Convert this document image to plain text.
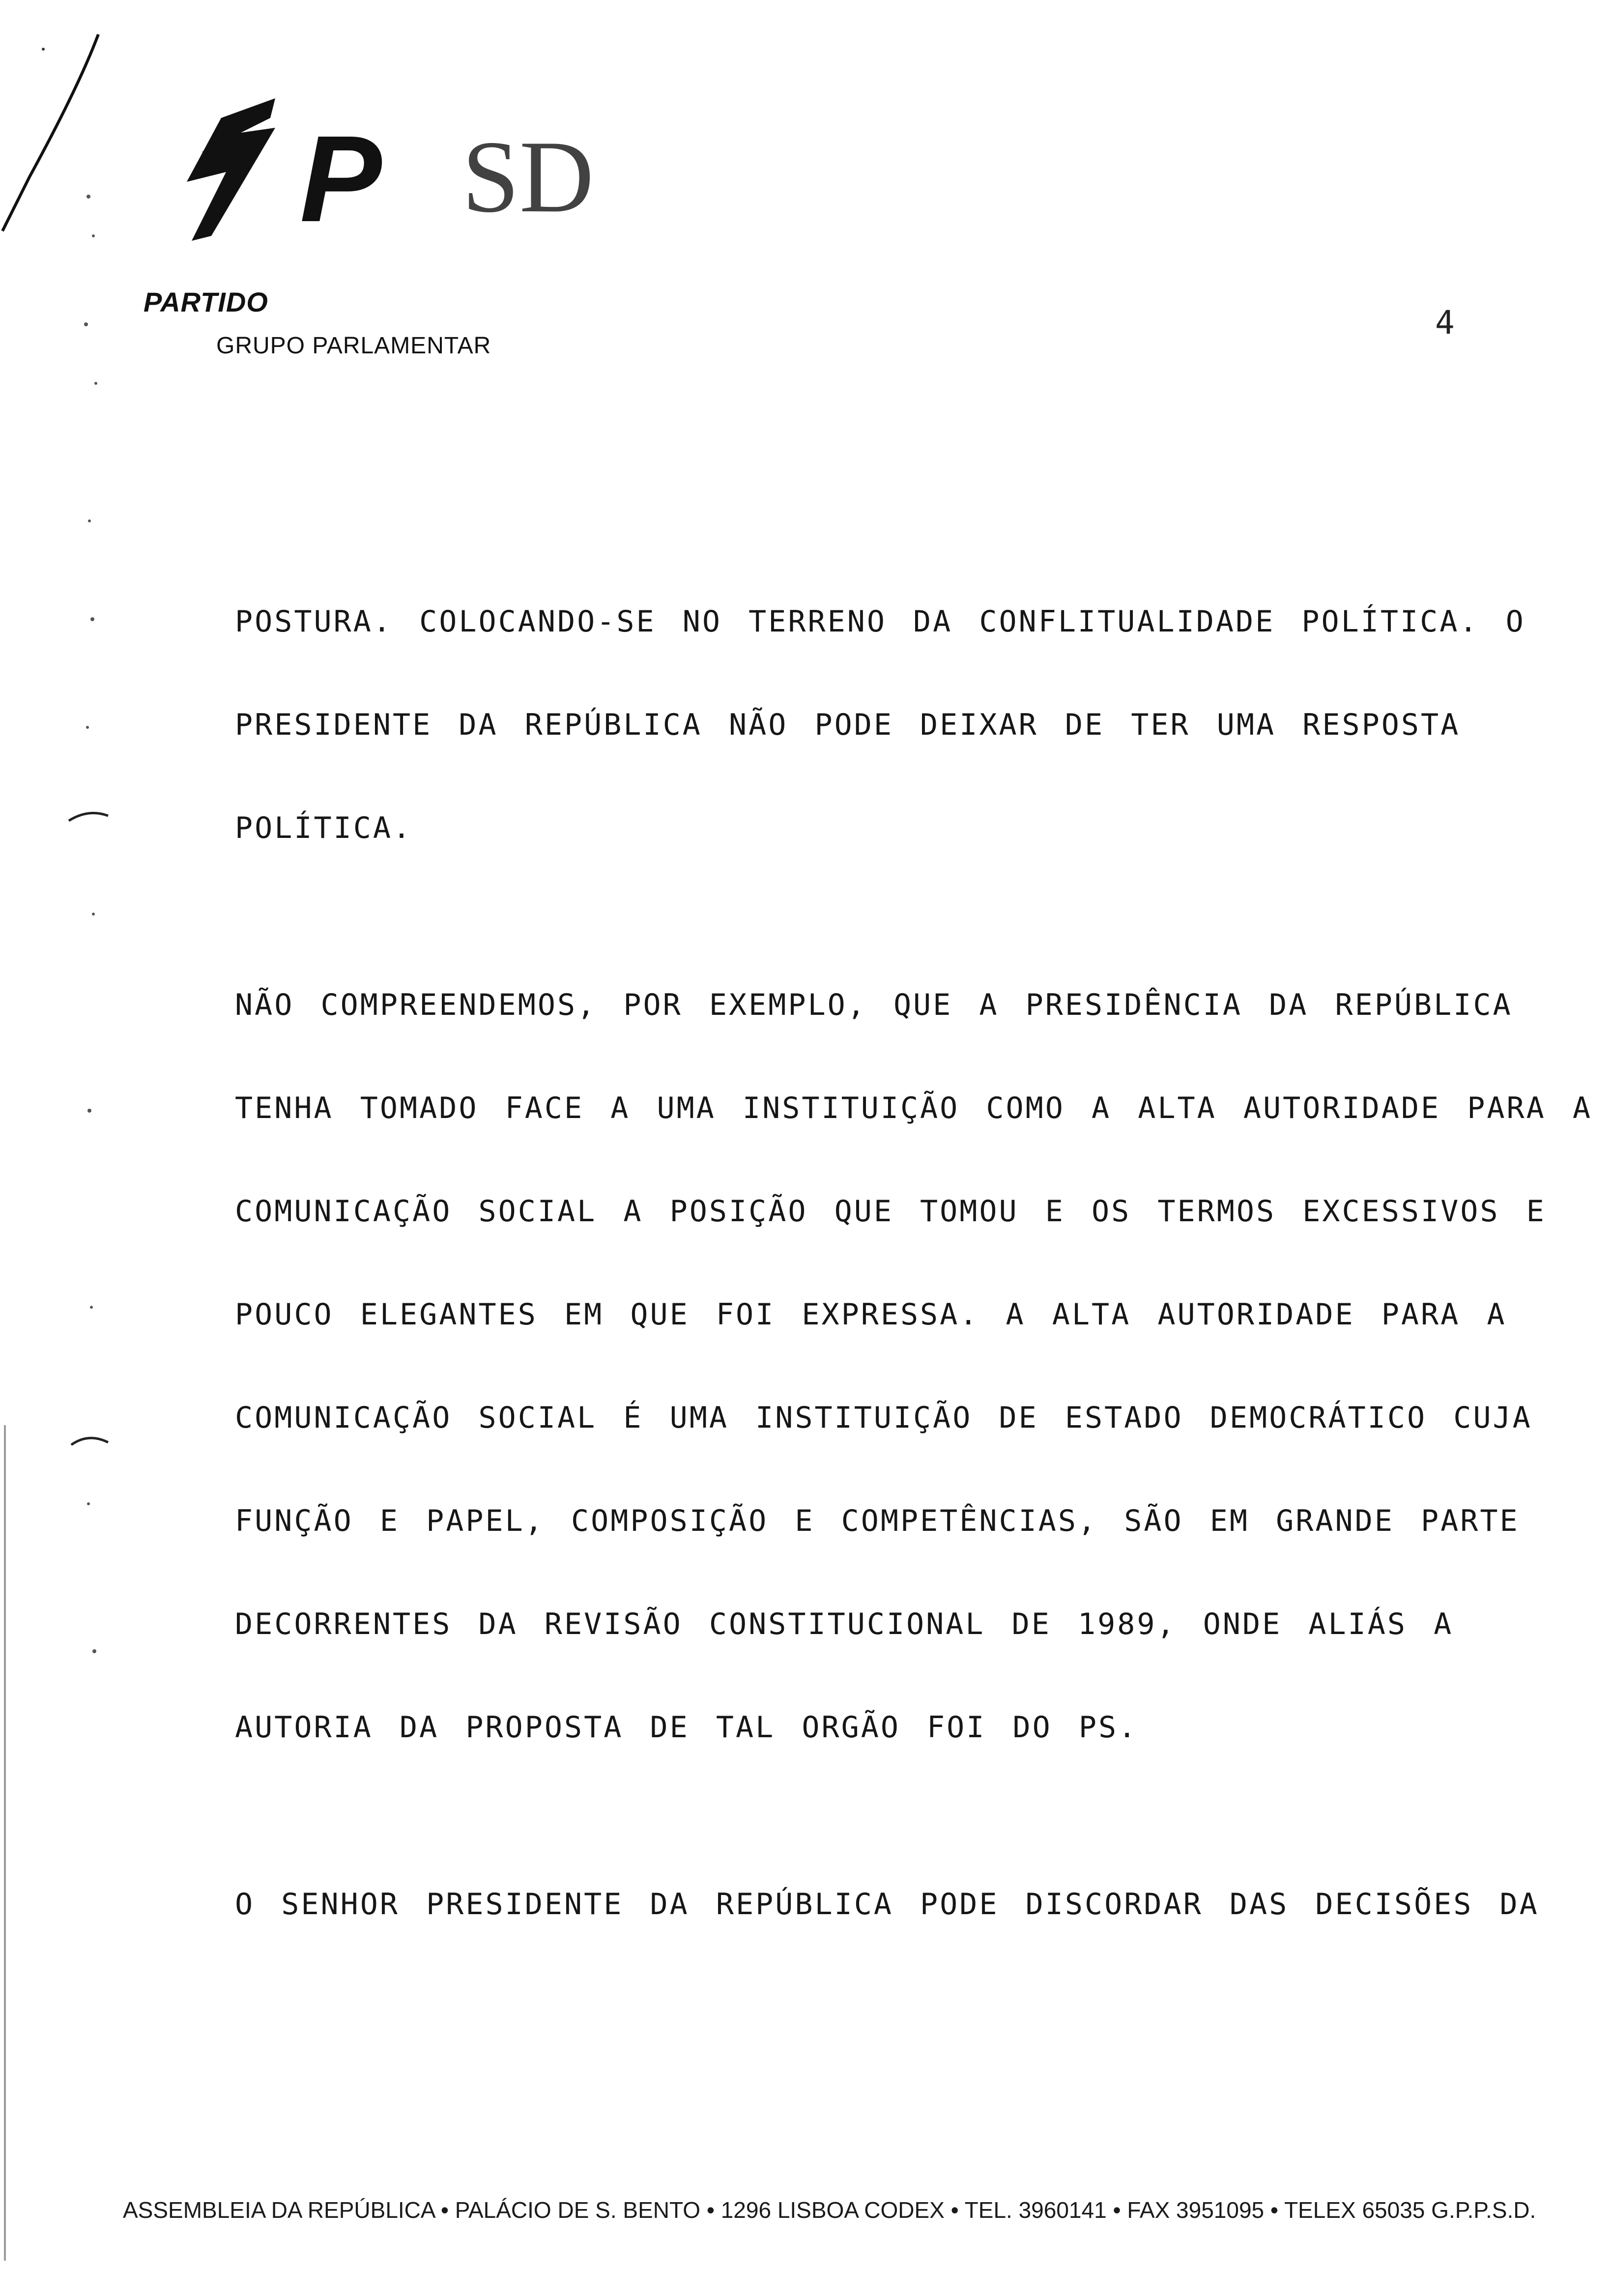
P SD
PARTIDO
GRUPO PARLAMENTAR
4
POSTURA. COLOCANDO-SE NO TERRENO DA CONFLITUALIDADE POLÍTICA. O
PRESIDENTE DA REPÚBLICA NÃO PODE DEIXAR DE TER UMA RESPOSTA
POLÍTICA.
NÃO COMPREENDEMOS, POR EXEMPLO, QUE A PRESIDÊNCIA DA REPÚBLICA
TENHA TOMADO FACE A UMA INSTITUIÇÃO COMO A ALTA AUTORIDADE PARA A
COMUNICAÇÃO SOCIAL A POSIÇÃO QUE TOMOU E OS TERMOS EXCESSIVOS E
POUCO ELEGANTES EM QUE FOI EXPRESSA. A ALTA AUTORIDADE PARA A
COMUNICAÇÃO SOCIAL É UMA INSTITUIÇÃO DE ESTADO DEMOCRÁTICO CUJA
FUNÇÃO E PAPEL, COMPOSIÇÃO E COMPETÊNCIAS, SÃO EM GRANDE PARTE
DECORRENTES DA REVISÃO CONSTITUCIONAL DE 1989, ONDE ALIÁS A
AUTORIA DA PROPOSTA DE TAL ORGÃO FOI DO PS.
O SENHOR PRESIDENTE DA REPÚBLICA PODE DISCORDAR DAS DECISÕES DA
ASSEMBLEIA DA REPÚBLICA • PALÁCIO DE S. BENTO • 1296 LISBOA CODEX • TEL. 3960141 • FAX 3951095 • TELEX 65035 G.P.P.S.D.
